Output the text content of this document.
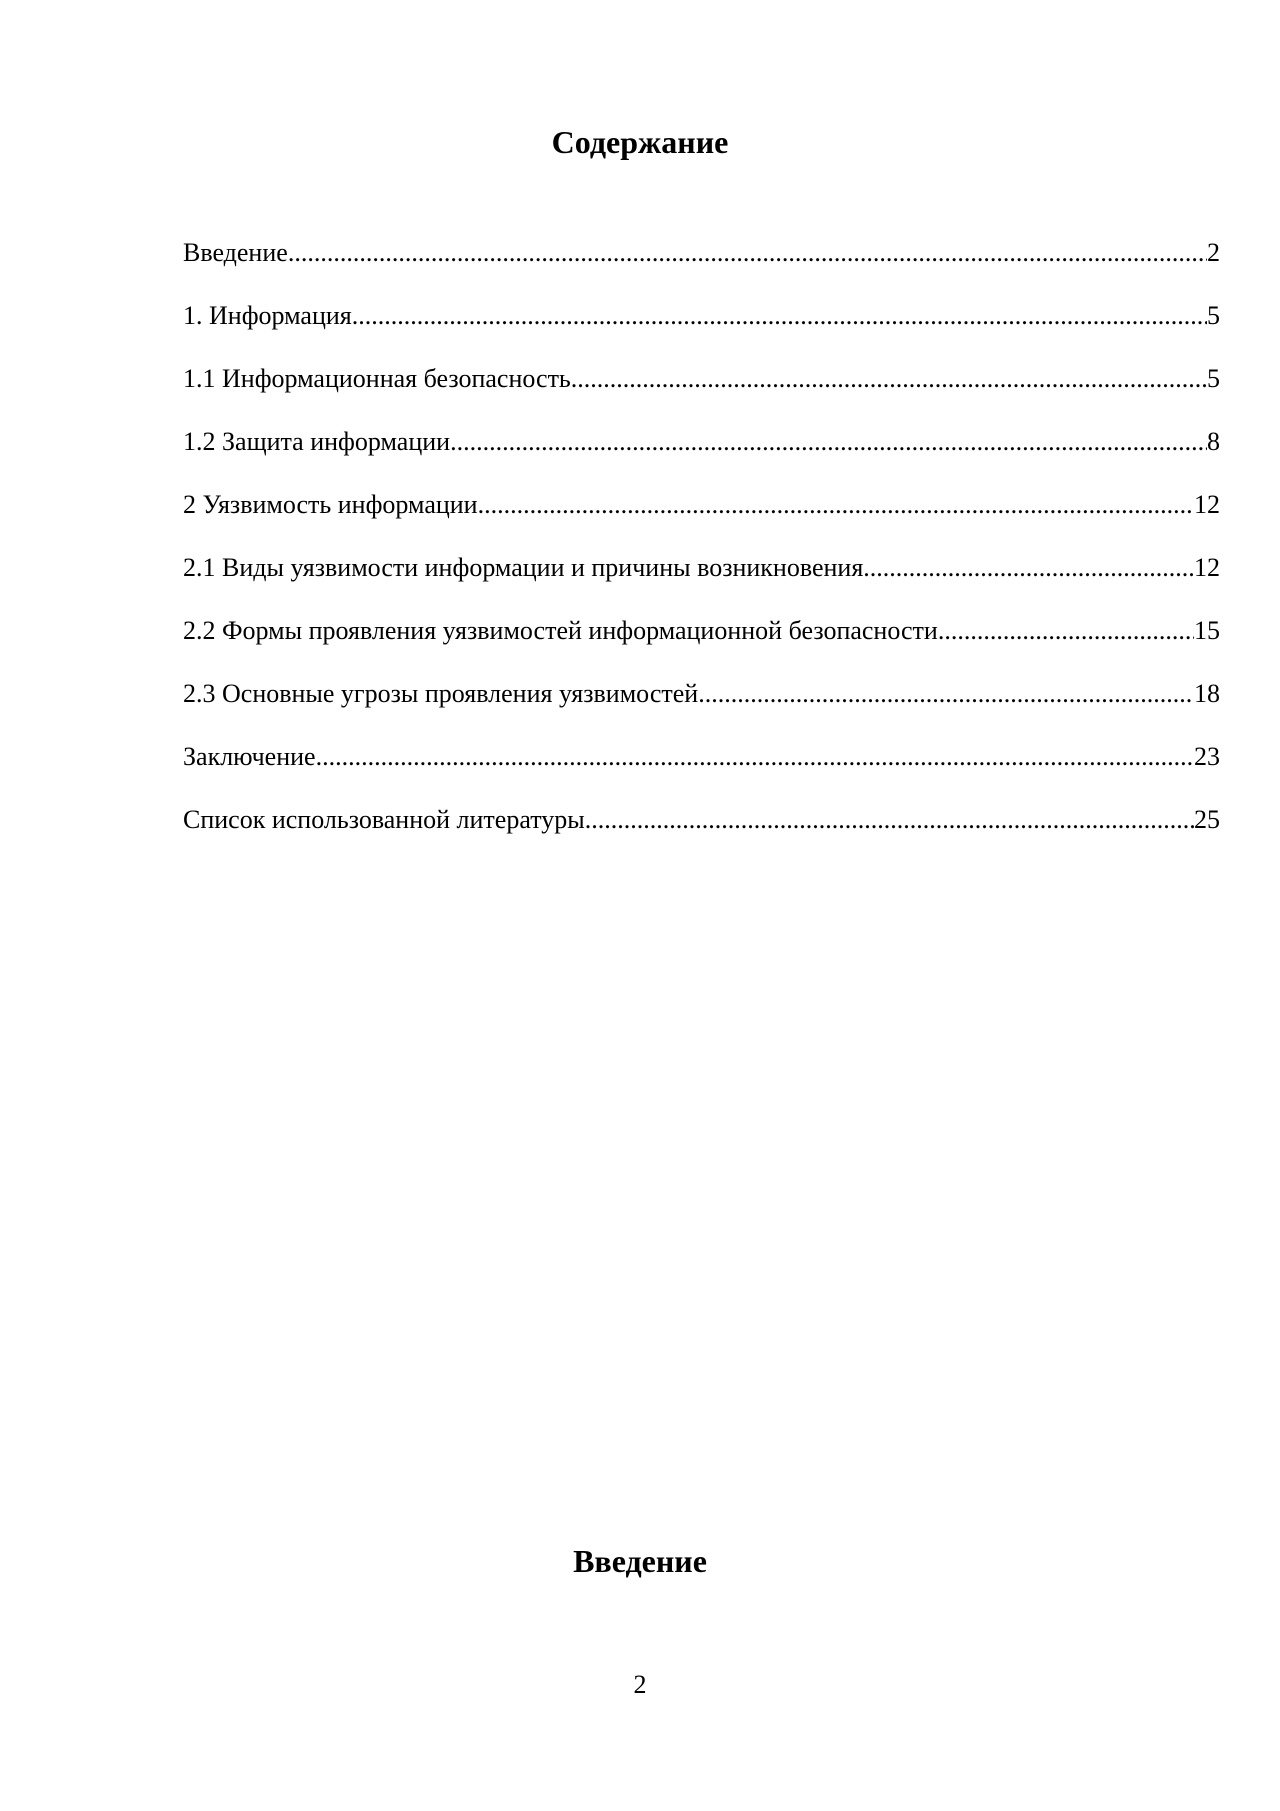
Содержание
Введение .....	2
1. Информация .....	5
1.1 Информационная безопасность .....	5
1.2 Защита информации .....	8
2 Уязвимость информации .....	12
2.1 Виды уязвимости информации и причины возникновения .....	12
2.2 Формы проявления уязвимостей информационной безопасности .....	15
2.3 Основные угрозы проявления уязвимостей .....	18
Заключение .....	23
Список использованной литературы .....	25
Введение
2
